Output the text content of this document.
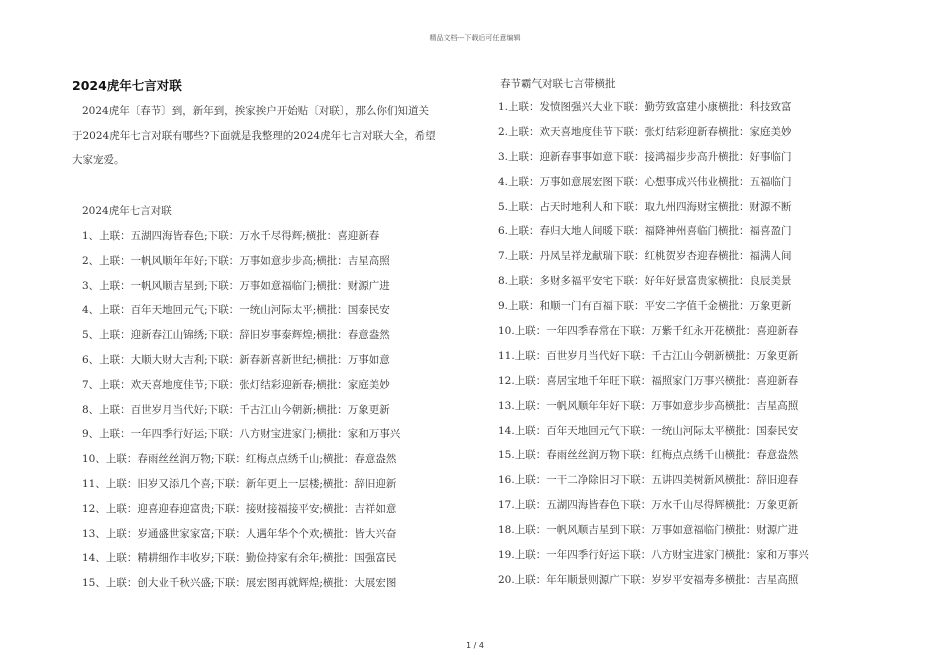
精品文档---下载后可任意编辑
2024虎年七言对联
2024虎年〔春节〕到，新年到，挨家挨户开始贴〔对联〕，那么你们知道关
于2024虎年七言对联有哪些?下面就是我整理的2024虎年七言对联大全，希望
大家宠爱。
2024虎年七言对联
1、上联：五湖四海皆春色;下联：万水千尽得辉;横批：喜迎新春
2、上联：一帆风顺年年好;下联：万事如意步步高;横批：吉星高照
3、上联：一帆风顺吉星到;下联：万事如意福临门;横批：财源广进
4、上联：百年天地回元气;下联：一统山河际太平;横批：国泰民安
5、上联：迎新春江山锦绣;下联：辞旧岁事泰辉煌;横批：春意盎然
6、上联：大顺大财大吉利;下联：新春新喜新世纪;横批：万事如意
7、上联：欢天喜地度佳节;下联：张灯结彩迎新春;横批：家庭美妙
8、上联：百世岁月当代好;下联：千古江山今朝新;横批：万象更新
9、上联：一年四季行好运;下联：八方财宝进家门;横批：家和万事兴
10、上联：春雨丝丝润万物;下联：红梅点点绣千山;横批：春意盎然
11、上联：旧岁又添几个喜;下联：新年更上一层楼;横批：辞旧迎新
12、上联：迎喜迎春迎富贵;下联：接财接福接平安;横批：吉祥如意
13、上联：岁通盛世家家富;下联：人遇年华个个欢;横批：皆大兴奋
14、上联：精耕细作丰收岁;下联：勤俭持家有余年;横批：国强富民
15、上联：创大业千秋兴盛;下联：展宏图再就辉煌;横批：大展宏图
春节霸气对联七言带横批
1.上联：发愤图强兴大业下联：勤劳致富建小康横批：科技致富
2.上联：欢天喜地度佳节下联：张灯结彩迎新春横批：家庭美妙
3.上联：迎新春事事如意下联：接鸿福步步高升横批：好事临门
4.上联：万事如意展宏图下联：心想事成兴伟业横批：五福临门
5.上联：占天时地利人和下联：取九州四海财宝横批：财源不断
6.上联：春归大地人间暖下联：福降神州喜临门横批：福喜盈门
7.上联：丹凤呈祥龙献瑞下联：红桃贺岁杏迎春横批：福满人间
8.上联：多财多福平安宅下联：好年好景富贵家横批：良辰美景
9.上联：和顺一门有百福下联：平安二字值千金横批：万象更新
10.上联：一年四季春常在下联：万紫千红永开花横批：喜迎新春
11.上联：百世岁月当代好下联：千古江山今朝新横批：万象更新
12.上联：喜居宝地千年旺下联：福照家门万事兴横批：喜迎新春
13.上联：一帆风顺年年好下联：万事如意步步高横批：吉星高照
14.上联：百年天地回元气下联：一统山河际太平横批：国泰民安
15.上联：春雨丝丝润万物下联：红梅点点绣千山横批：春意盎然
16.上联：一干二净除旧习下联：五讲四美树新风横批：辞旧迎春
17.上联：五湖四海皆春色下联：万水千山尽得辉横批：万象更新
18.上联：一帆风顺吉星到下联：万事如意福临门横批：财源广进
19.上联：一年四季行好运下联：八方财宝进家门横批：家和万事兴
20.上联：年年顺景则源广下联：岁岁平安福寿多横批：吉星高照
1 / 4
